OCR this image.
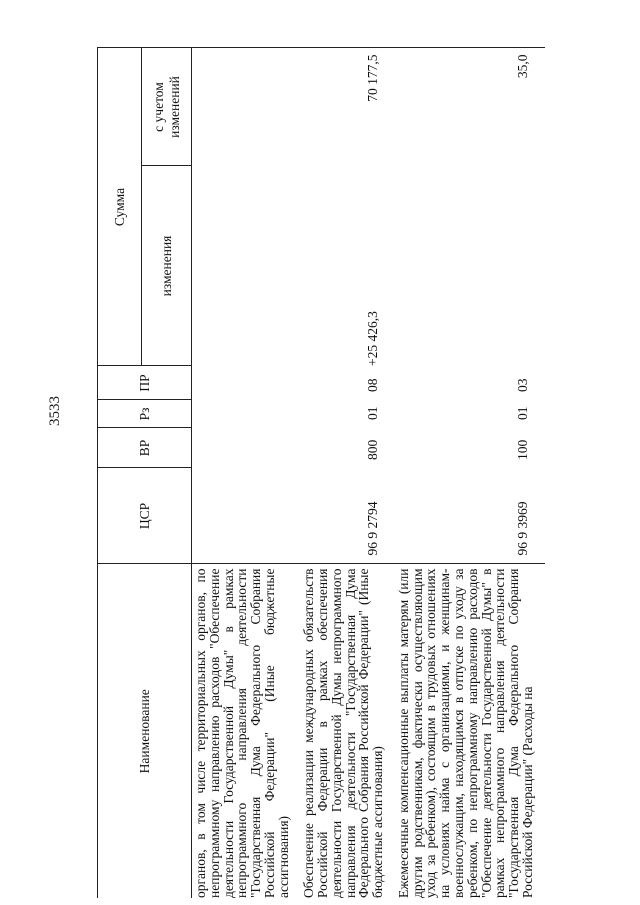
3533
Наименование	ЦСР	ВР	Рз	ПР	Сумма	
					изменения	с учетом изменений
органов, в том числе территориальных органов, по непрограммному направлению расходов "Обеспечение деятельности Государственной Думы" в рамках непрограммного направления деятельности "Государственная Дума Федерального Собрания Российской Федерации" (Иные бюджетные ассигнования)						
Обеспечение реализации международных обязательств Российской Федерации в рамках обеспечения деятельности Государственной Думы непрограммного направления деятельности "Государственная Дума Федерального Собрания Российской Федерации" (Иные бюджетные ассигнования)	96 9 2794	800	01	08	+25 426,3	70 177,5
Ежемесячные компенсационные выплаты матерям (или другим родственникам, фактически осуществляющим уход за ребенком), состоящим в трудовых отношениях на условиях найма с организациями, и женщинам-военнослужащим, находящимся в отпуске по уходу за ребенком, по непрограммному направлению расходов "Обеспечение деятельности Государственной Думы" в рамках непрограммного направления деятельности "Государственная Дума Федерального Собрания Российской Федерации" (Расходы на	96 9 3969	100	01	03		35,0
